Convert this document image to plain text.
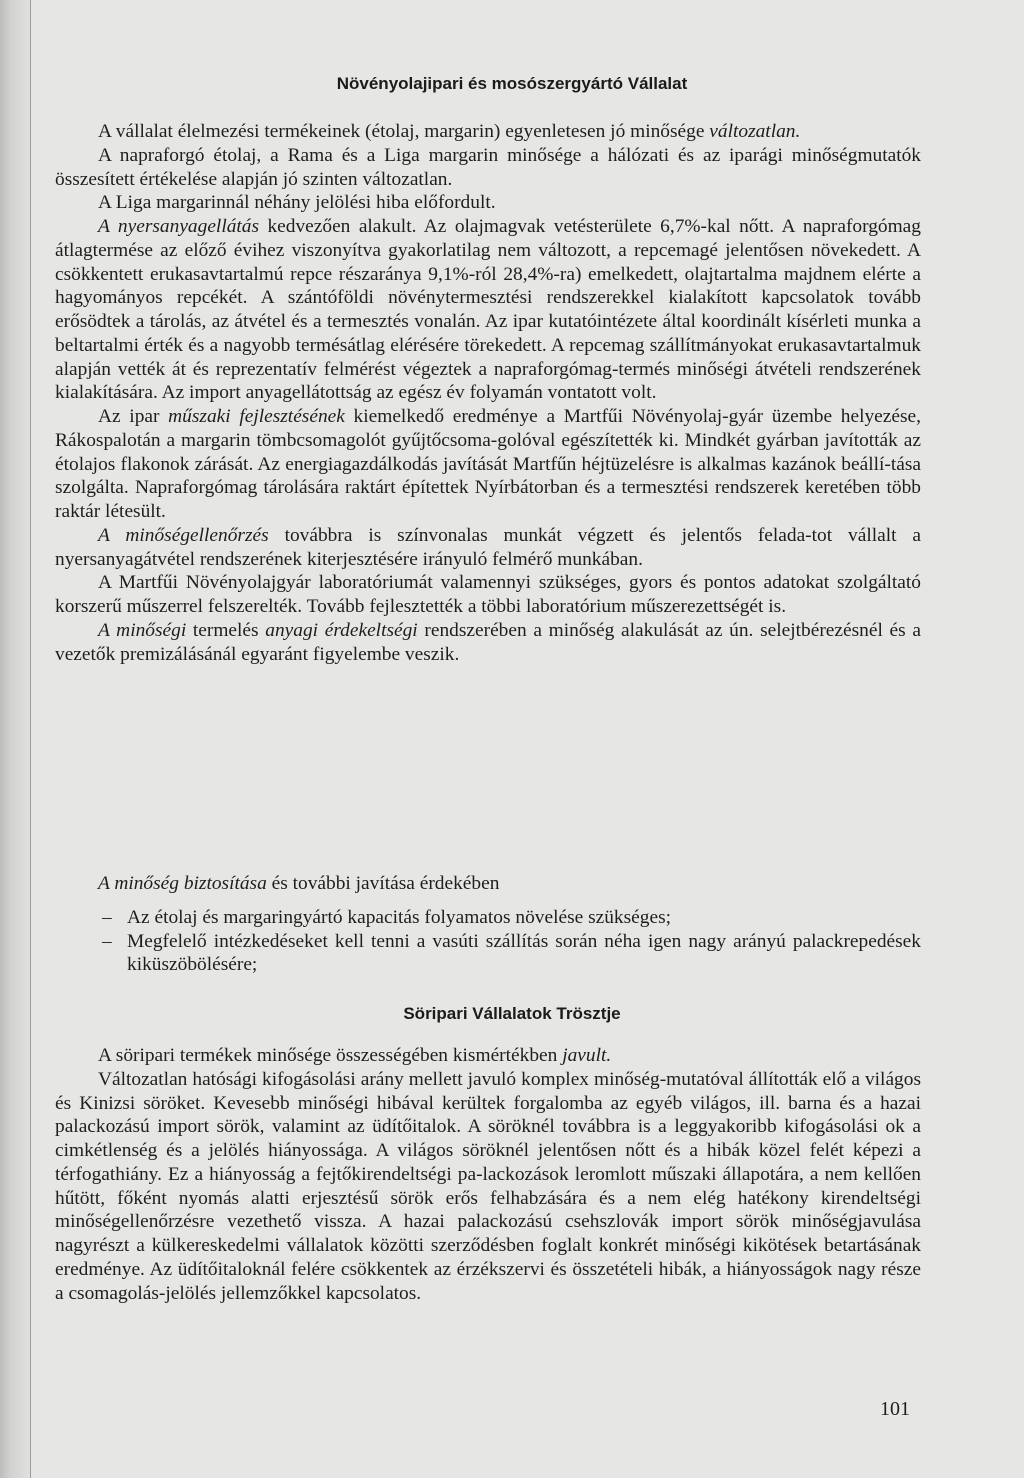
Növényolajipari és mosószergyártó Vállalat

A vállalat élelmezési termékeinek (étolaj, margarin) egyenletesen jó minősége változatlan.

A napraforgó étolaj, a Rama és a Liga margarin minősége a hálózati és az iparági minőségmutatók összesített értékelése alapján jó szinten változatlan.

A Liga margarinnál néhány jelölési hiba előfordult.

A nyersanyagellátás kedvezően alakult. Az olajmagvak vetésterülete 6,7%-kal nőtt. A napraforgómag átlagtermése az előző évihez viszonyítva gyakorlatilag nem változott, a repcemagé jelentősen növekedett. A csökkentett erukasavtartalmú repce részaránya 9,1%-ról 28,4%-ra) emelkedett, olajtartalma majdnem elérte a hagyományos repcékét. A szántóföldi növénytermesztési rendszerekkel kialakított kapcsolatok tovább erősödtek a tárolás, az átvétel és a termesztés vonalán. Az ipar kutatóintézete által koordinált kísérleti munka a beltartalmi érték és a nagyobb termésátlag elérésére törekedett. A repcemag szállítmányokat erukasavtartalmuk alapján vették át és reprezentatív felmérést végeztek a napraforgómag-termés minőségi átvételi rendszerének kialakítására. Az import anyagellátottság az egész év folyamán vontatott volt.

Az ipar műszaki fejlesztésének kiemelkedő eredménye a Martfűi Növényolaj-gyár üzembe helyezése, Rákospalotán a margarin tömbcsomagolót gyűjtőcsoma-golóval egészítették ki. Mindkét gyárban javították az étolajos flakonok zárását. Az energiagazdálkodás javítását Martfűn héjtüzelésre is alkalmas kazánok beállí-tása szolgálta. Napraforgómag tárolására raktárt építettek Nyírbátorban és a termesztési rendszerek keretében több raktár létesült.

A minőségellenőrzés továbbra is színvonalas munkát végzett és jelentős felada-tot vállalt a nyersanyagátvétel rendszerének kiterjesztésére irányuló felmérő munkában.

A Martfűi Növényolajgyár laboratóriumát valamennyi szükséges, gyors és pontos adatokat szolgáltató korszerű műszerrel felszerelték. Tovább fejlesztették a többi laboratórium műszerezettségét is.

A minőségi termelés anyagi érdekeltségi rendszerében a minőség alakulását az ún. selejtbérezésnél és a vezetők premizálásánál egyaránt figyelembe veszik.

A minőség biztosítása és további javítása érdekében

– Az étolaj és margaringyártó kapacitás folyamatos növelése szükséges;

– Megfelelő intézkedéseket kell tenni a vasúti szállítás során néha igen nagy arányú palackrepedések kiküszöbölésére;

Söripari Vállalatok Trösztje

A söripari termékek minősége összességében kismértékben javult.

Változatlan hatósági kifogásolási arány mellett javuló komplex minőség-mutatóval állították elő a világos és Kinizsi söröket. Kevesebb minőségi hibával kerültek forgalomba az egyéb világos, ill. barna és a hazai palackozású import sörök, valamint az üdítőitalok. A söröknél továbbra is a leggyakoribb kifogásolási ok a cimkétlenség és a jelölés hiányossága. A világos söröknél jelentősen nőtt és a hibák közel felét képezi a térfogathiány. Ez a hiányosság a fejtőkirendeltségi pa-lackozások leromlott műszaki állapotára, a nem kellően hűtött, főként nyomás alatti erjesztésű sörök erős felhabzására és a nem elég hatékony kirendeltségi minőségellenőrzésre vezethető vissza. A hazai palackozású csehszlovák import sörök minőségjavulása nagyrészt a külkereskedelmi vállalatok közötti szerződésben foglalt konkrét minőségi kikötések betartásának eredménye. Az üdítőitaloknál felére csökkentek az érzékszervi és összetételi hibák, a hiányosságok nagy része a csomagolás-jelölés jellemzőkkel kapcsolatos.

101
